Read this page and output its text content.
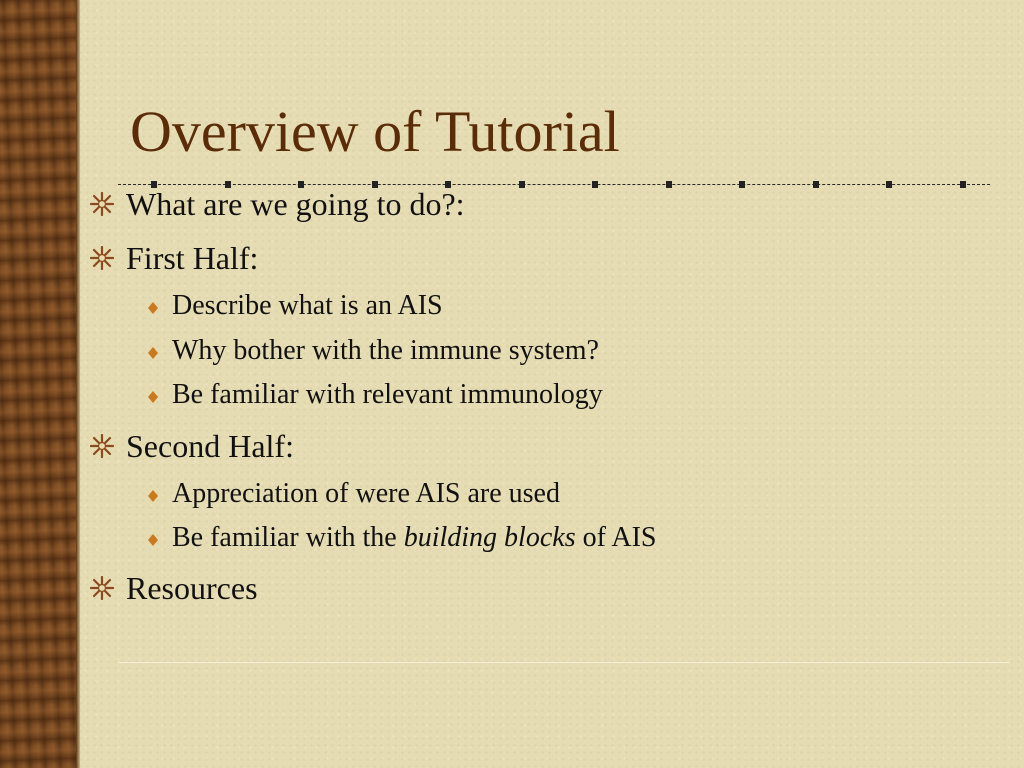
Overview of Tutorial
What are we going to do?:
First Half:
Describe what is an AIS
Why bother with the immune system?
Be familiar with relevant immunology
Second Half:
Appreciation of were AIS are used
Be familiar with the building blocks of AIS
Resources
